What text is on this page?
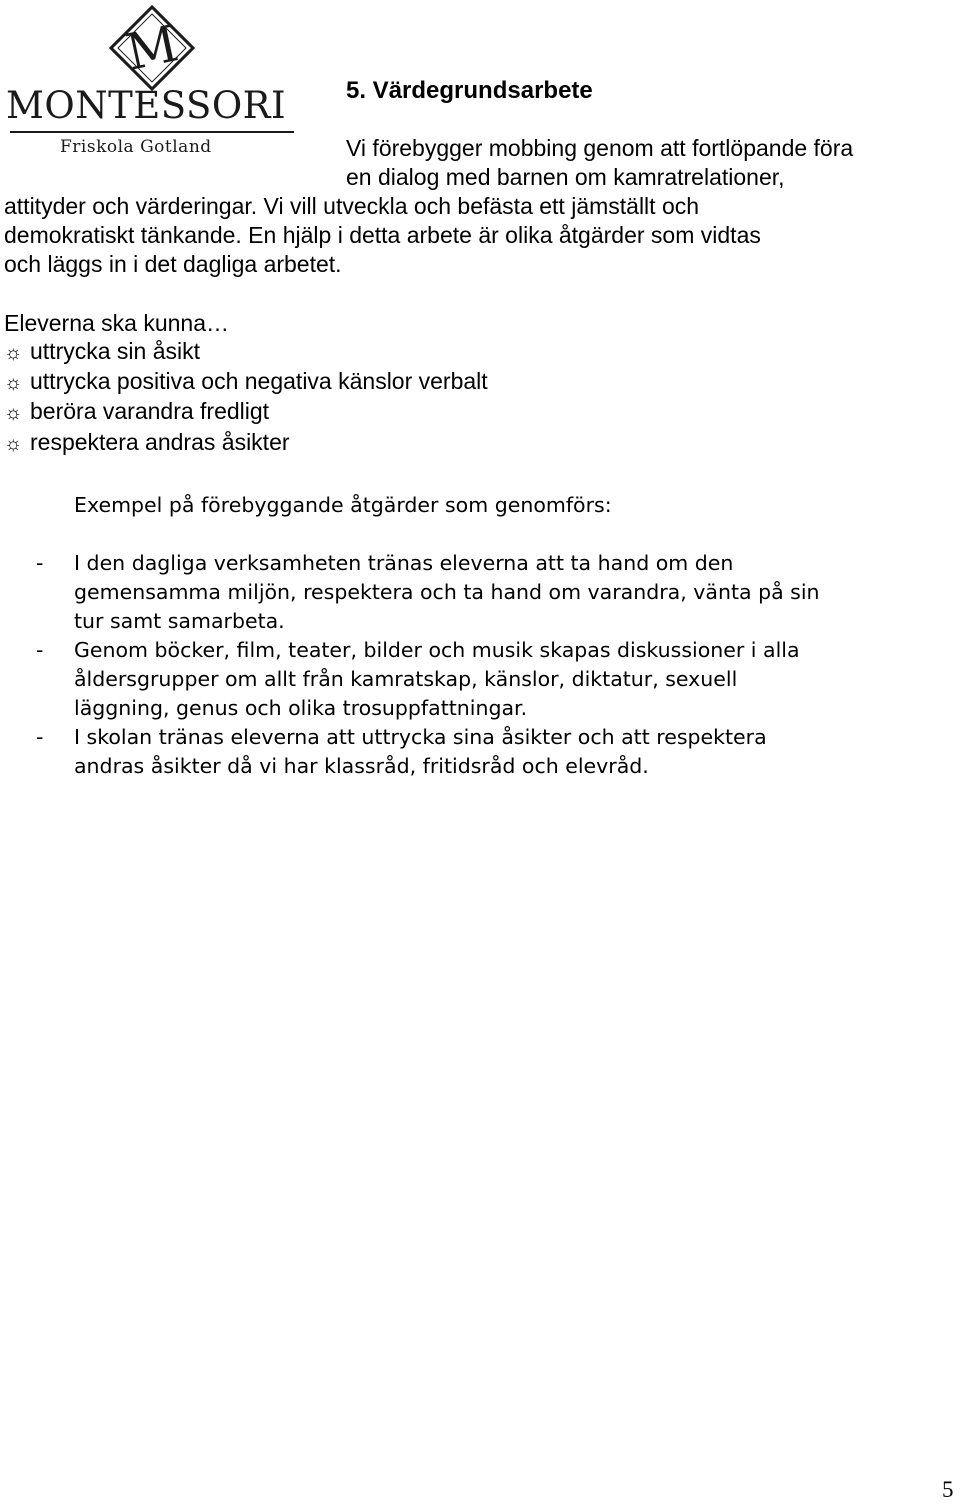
M
MONTESSORI
Friskola Gotland
5. Värdegrundsarbete

Vi förebygger mobbing genom att fortlöpande föra

en dialog med barnen om kamratrelationer,

attityder och värderingar. Vi vill utveckla och befästa ett jämställt och

demokratiskt tänkande. En hjälp i detta arbete är olika åtgärder som vidtas

och läggs in i det dagliga arbetet.

Eleverna ska kunna…

☼ uttrycka sin åsikt
☼ uttrycka positiva och negativa känslor verbalt
☼ beröra varandra fredligt
☼ respektera andras åsikter

Exempel på förebyggande åtgärder som genomförs:

- I den dagliga verksamheten tränas eleverna att ta hand om den
gemensamma miljön, respektera och ta hand om varandra, vänta på sin
tur samt samarbeta.
- Genom böcker, film, teater, bilder och musik skapas diskussioner i alla
åldersgrupper om allt från kamratskap, känslor, diktatur, sexuell
läggning, genus och olika trosuppfattningar.
- I skolan tränas eleverna att uttrycka sina åsikter och att respektera
andras åsikter då vi har klassråd, fritidsråd och elevråd.
5
